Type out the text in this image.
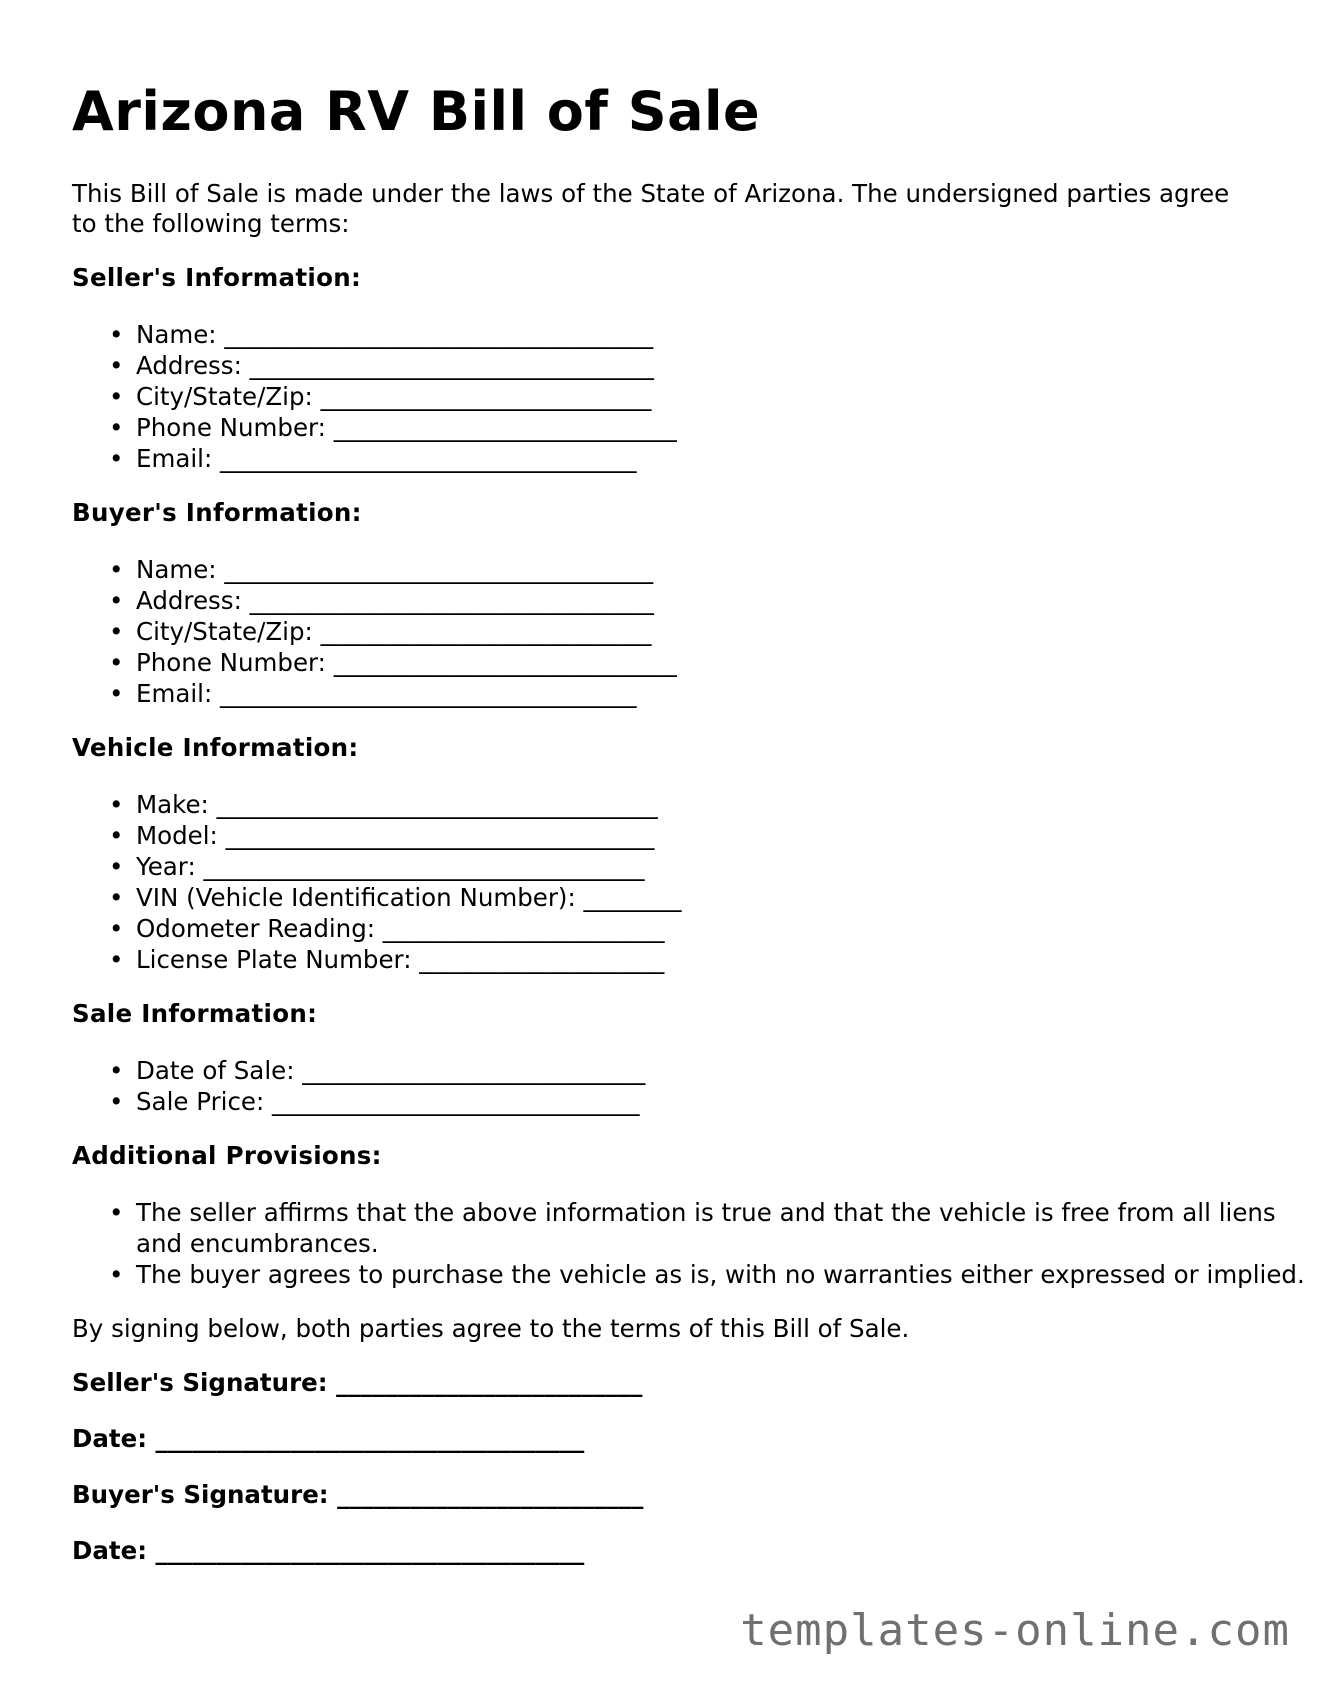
Arizona RV Bill of Sale

This Bill of Sale is made under the laws of the State of Arizona. The undersigned parties agree to the following terms:

Seller's Information:
• Name: ___________________________________
• Address: _________________________________
• City/State/Zip: ___________________________
• Phone Number: ____________________________
• Email: __________________________________
Buyer's Information:
• Name: ___________________________________
• Address: _________________________________
• City/State/Zip: ___________________________
• Phone Number: ____________________________
• Email: __________________________________
Vehicle Information:
• Make: ____________________________________
• Model: ___________________________________
• Year: ____________________________________
• VIN (Vehicle Identification Number): ________
• Odometer Reading: _______________________
• License Plate Number: ____________________
Sale Information:
• Date of Sale: ____________________________
• Sale Price: ______________________________
Additional Provisions:
• The seller affirms that the above information is true and that the vehicle is free from all liens and encumbrances.
• The buyer agrees to purchase the vehicle as is, with no warranties either expressed or implied.

By signing below, both parties agree to the terms of this Bill of Sale.

Seller's Signature: _________________________

Date: ___________________________________

Buyer's Signature: _________________________

Date: ___________________________________

templates-online.com
